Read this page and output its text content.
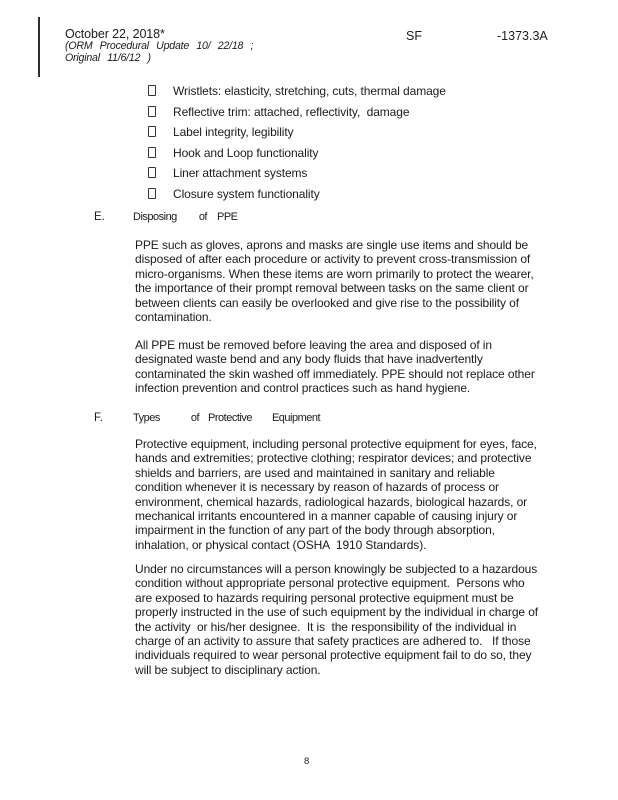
October 22, 2018*
(ORM Procedural Update 10/ 22/18 ;
Original 11/6/12 )
SF	-1373.3A
Wristlets: elasticity, stretching, cuts, thermal damage
Reflective trim: attached, reflectivity,  damage
Label integrity, legibility
Hook and Loop functionality
Liner attachment systems
Closure system functionality
E.	Disposing of PPE
PPE such as gloves, aprons and masks are single use items and should be
disposed of after each procedure or activity to prevent cross-transmission of
micro-organisms. When these items are worn primarily to protect the wearer,
the importance of their prompt removal between tasks on the same client or
between clients can easily be overlooked and give rise to the possibility of
contamination.
All PPE must be removed before leaving the area and disposed of in
designated waste bend and any body fluids that have inadvertently
contaminated the skin washed off immediately. PPE should not replace other
infection prevention and control practices such as hand hygiene.
F.	Types	of Protective Equipment
Protective equipment, including personal protective equipment for eyes, face,
hands and extremities; protective clothing; respirator devices; and protective
shields and barriers, are used and maintained in sanitary and reliable
condition whenever it is necessary by reason of hazards of process or
environment, chemical hazards, radiological hazards, biological hazards, or
mechanical irritants encountered in a manner capable of causing injury or
impairment in the function of any part of the body through absorption,
inhalation, or physical contact (OSHA  1910 Standards).
Under no circumstances will a person knowingly be subjected to a hazardous
condition without appropriate personal protective equipment.  Persons who
are exposed to hazards requiring personal protective equipment must be
properly instructed in the use of such equipment by the individual in charge of
the activity  or his/her designee.  It is  the responsibility of the individual in
charge of an activity to assure that safety practices are adhered to.   If those
individuals required to wear personal protective equipment fail to do so, they
will be subject to disciplinary action.
8
